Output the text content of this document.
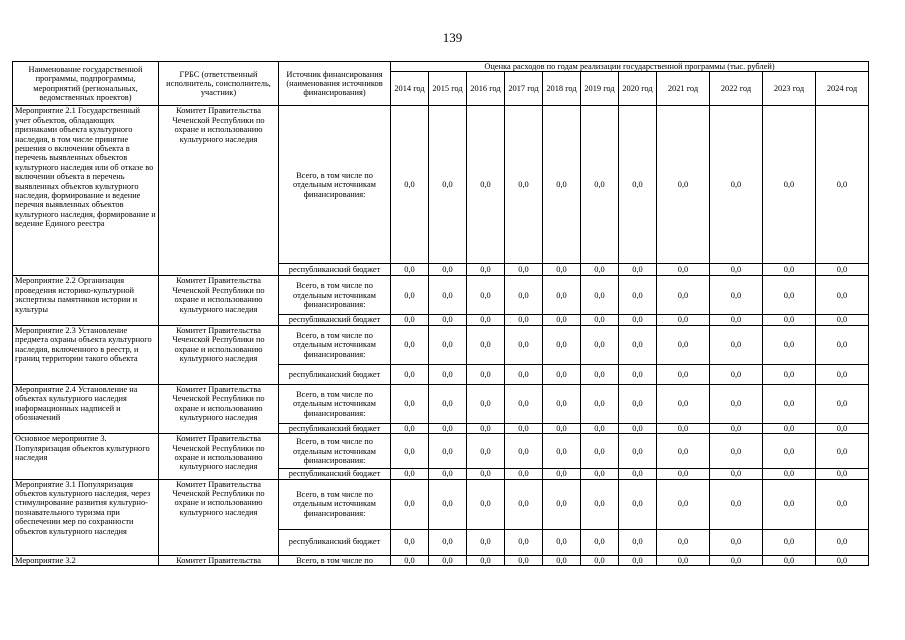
139
Наименование государственной программы, подпрограммы, мероприятий (региональных, ведомственных проектов)	ГРБС (ответственный исполнитель, соисполнитель, участник)	Источник финансирования (наименования источников финансирования)	Оценка расходов по годам реализации государственной программы (тыс. рублей)										
			2014 год	2015 год	2016 год	2017 год	2018 год	2019 год	2020 год	2021 год	2022 год	2023 год	2024 год
Мероприятие 2.1 Государственный учет объектов, обладающих признаками объекта культурного наследия, в том числе принятие решения о включении объекта в перечень выявленных объектов культурного наследия или об отказе во включении объекта в перечень выявленных объектов культурного наследия, формирование и ведение перечня выявленных объектов культурного наследия, формирование и ведение Единого реестра	Комитет Правительства Чеченской Республики по охране и использованию культурного наследия	Всего, в том числе по отдельным источникам финансирования:	0,0	0,0	0,0	0,0	0,0	0,0	0,0	0,0	0,0	0,0	0,0
		республиканский бюджет	0,0	0,0	0,0	0,0	0,0	0,0	0,0	0,0	0,0	0,0	0,0
Мероприятие 2.2 Организация проведения историко-культурной экспертизы памятников истории и культуры	Комитет Правительства Чеченской Республики по охране и использованию культурного наследия	Всего, в том числе по отдельным источникам финансирования:	0,0	0,0	0,0	0,0	0,0	0,0	0,0	0,0	0,0	0,0	0,0
		республиканский бюджет	0,0	0,0	0,0	0,0	0,0	0,0	0,0	0,0	0,0	0,0	0,0
Мероприятие 2.3 Установление предмета охраны объекта культурного наследия, включенного в реестр, и границ территории такого объекта	Комитет Правительства Чеченской Республики по охране и использованию культурного наследия	Всего, в том числе по отдельным источникам финансирования:	0,0	0,0	0,0	0,0	0,0	0,0	0,0	0,0	0,0	0,0	0,0
		республиканский бюджет	0,0	0,0	0,0	0,0	0,0	0,0	0,0	0,0	0,0	0,0	0,0
Мероприятие 2.4 Установление на объектах культурного наследия информационных надписей и обозначений	Комитет Правительства Чеченской Республики по охране и использованию культурного наследия	Всего, в том числе по отдельным источникам финансирования:	0,0	0,0	0,0	0,0	0,0	0,0	0,0	0,0	0,0	0,0	0,0
		республиканский бюджет	0,0	0,0	0,0	0,0	0,0	0,0	0,0	0,0	0,0	0,0	0,0
Основное мероприятие 3. Популяризация объектов культурного наследия	Комитет Правительства Чеченской Республики по охране и использованию культурного наследия	Всего, в том числе по отдельным источникам финансирования:	0,0	0,0	0,0	0,0	0,0	0,0	0,0	0,0	0,0	0,0	0,0
		республиканский бюджет	0,0	0,0	0,0	0,0	0,0	0,0	0,0	0,0	0,0	0,0	0,0
Мероприятие 3.1 Популяризация объектов культурного наследия, через стимулирование развития культурно-познавательного туризма при обеспечении мер по сохранности объектов культурного наследия	Комитет Правительства Чеченской Республики по охране и использованию культурного наследия	Всего, в том числе по отдельным источникам финансирования:	0,0	0,0	0,0	0,0	0,0	0,0	0,0	0,0	0,0	0,0	0,0
		республиканский бюджет	0,0	0,0	0,0	0,0	0,0	0,0	0,0	0,0	0,0	0,0	0,0
Мероприятие 3.2	Комитет Правительства	Всего, в том числе по	0,0	0,0	0,0	0,0	0,0	0,0	0,0	0,0	0,0	0,0	0,0
